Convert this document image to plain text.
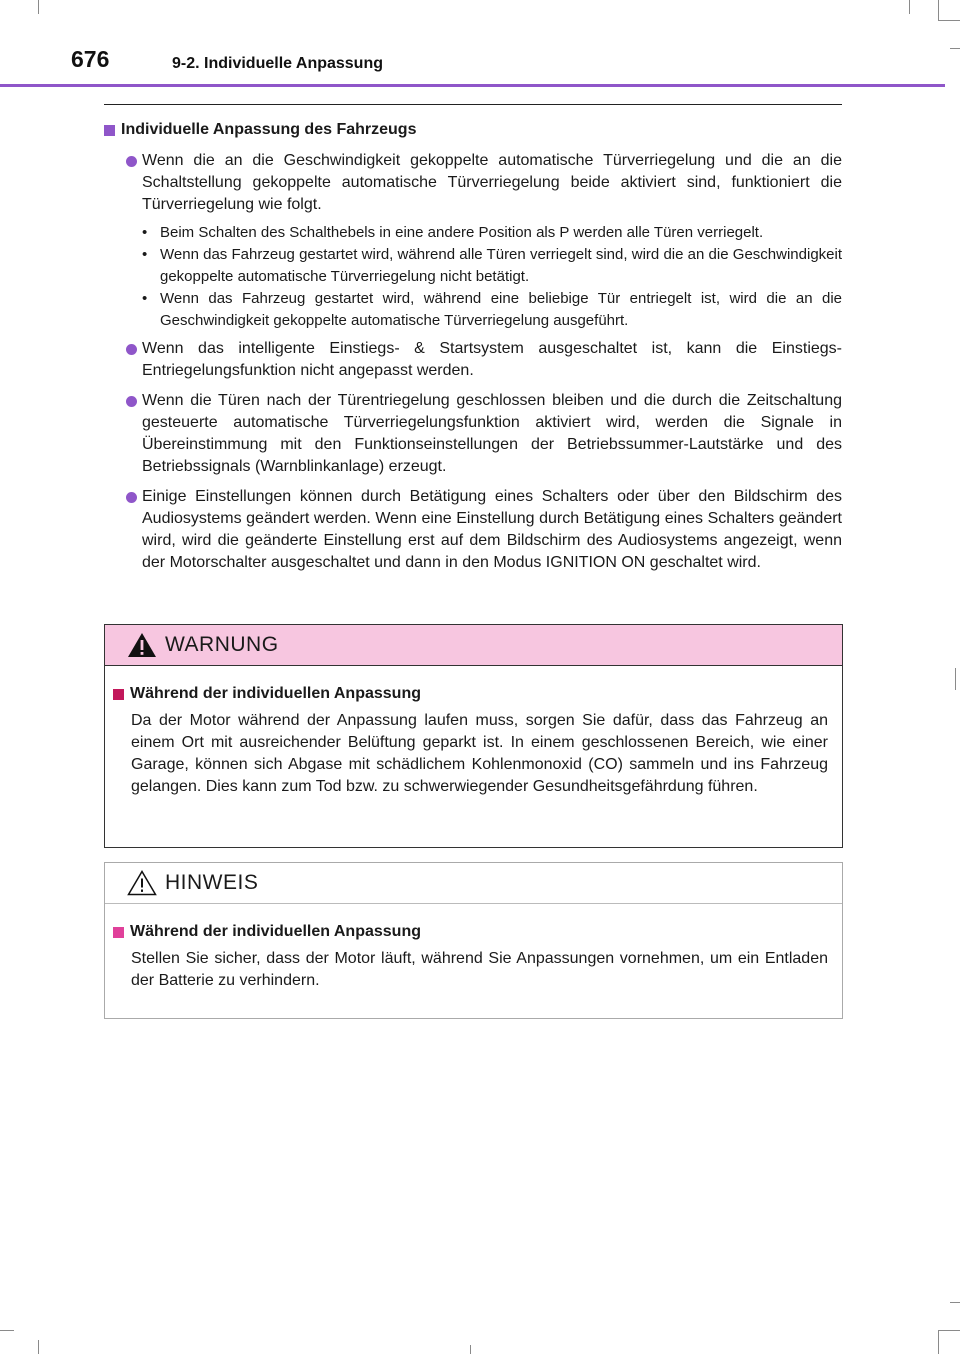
676	9-2. Individuelle Anpassung
Individuelle Anpassung des Fahrzeugs
Wenn die an die Geschwindigkeit gekoppelte automatische Türverriegelung und die an die Schaltstellung gekoppelte automatische Türverriegelung beide aktiviert sind, funktioniert die Türverriegelung wie folgt.
• Beim Schalten des Schalthebels in eine andere Position als P werden alle Türen verriegelt.
• Wenn das Fahrzeug gestartet wird, während alle Türen verriegelt sind, wird die an die Geschwindigkeit gekoppelte automatische Türverriegelung nicht betätigt.
• Wenn das Fahrzeug gestartet wird, während eine beliebige Tür entriegelt ist, wird die an die Geschwindigkeit gekoppelte automatische Türverriegelung ausgeführt.
Wenn das intelligente Einstiegs- & Startsystem ausgeschaltet ist, kann die Einstiegs-Entriegelungsfunktion nicht angepasst werden.
Wenn die Türen nach der Türentriegelung geschlossen bleiben und die durch die Zeitschaltung gesteuerte automatische Türverriegelungsfunktion aktiviert wird, werden die Signale in Übereinstimmung mit den Funktionseinstellungen der Betriebssummer-Lautstärke und des Betriebssignals (Warnblinkanlage) erzeugt.
Einige Einstellungen können durch Betätigung eines Schalters oder über den Bildschirm des Audiosystems geändert werden. Wenn eine Einstellung durch Betätigung eines Schalters geändert wird, wird die geänderte Einstellung erst auf dem Bildschirm des Audiosystems angezeigt, wenn der Motorschalter ausgeschaltet und dann in den Modus IGNITION ON geschaltet wird.
WARNUNG
Während der individuellen Anpassung
Da der Motor während der Anpassung laufen muss, sorgen Sie dafür, dass das Fahrzeug an einem Ort mit ausreichender Belüftung geparkt ist. In einem geschlossenen Bereich, wie einer Garage, können sich Abgase mit schädlichem Kohlenmonoxid (CO) sammeln und ins Fahrzeug gelangen. Dies kann zum Tod bzw. zu schwerwiegender Gesundheitsgefährdung führen.
HINWEIS
Während der individuellen Anpassung
Stellen Sie sicher, dass der Motor läuft, während Sie Anpassungen vornehmen, um ein Entladen der Batterie zu verhindern.
